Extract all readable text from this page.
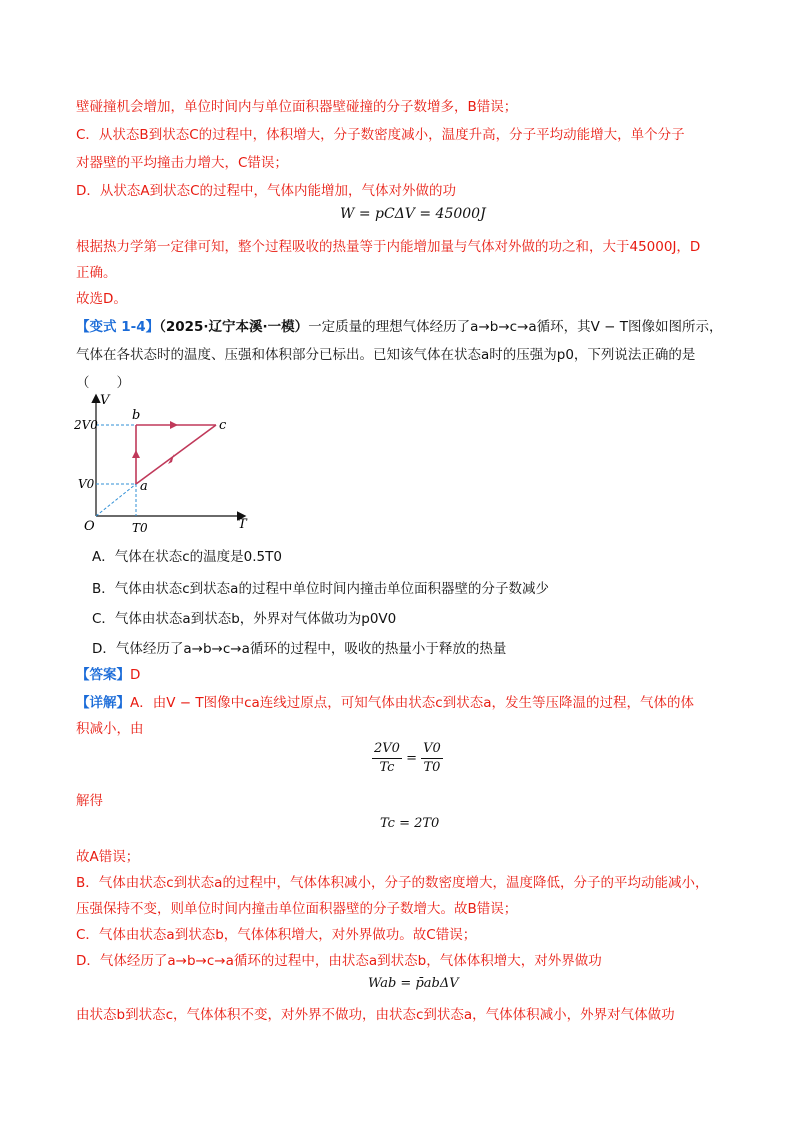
壁碰撞机会增加，单位时间内与单位面积器壁碰撞的分子数增多，B错误；
C．从状态B到状态C的过程中，体积增大，分子数密度减小，温度升高，分子平均动能增大，单个分子
对器壁的平均撞击力增大，C错误；
D．从状态A到状态C的过程中，气体内能增加，气体对外做的功
W = pCΔV = 45000J
根据热力学第一定律可知，整个过程吸收的热量等于内能增加量与气体对外做的功之和，大于45000J，D
正确。
故选D。
【变式 1-4】（2025·辽宁本溪·一模）一定质量的理想气体经历了a→b→c→a循环，其V − T图像如图所示，
气体在各状态时的温度、压强和体积部分已标出。已知该气体在状态a时的压强为p0，下列说法正确的是
（　　）
V
T
O
2V0
V0
T0
a
b
c
A．气体在状态c的温度是0.5T0
B．气体由状态c到状态a的过程中单位时间内撞击单位面积器壁的分子数减少
C．气体由状态a到状态b，外界对气体做功为p0V0
D．气体经历了a→b→c→a循环的过程中，吸收的热量小于释放的热量
【答案】D
【详解】A．由V − T图像中ca连线过原点，可知气体由状态c到状态a，发生等压降温的过程，气体的体
积减小，由
$\frac{2V0}{Tc} = \frac{V0}{T0}$
解得
Tc = 2T0
故A错误；
B．气体由状态c到状态a的过程中，气体体积减小，分子的数密度增大，温度降低，分子的平均动能减小，
压强保持不变，则单位时间内撞击单位面积器壁的分子数增大。故B错误；
C．气体由状态a到状态b，气体体积增大，对外界做功。故C错误；
D．气体经历了a→b→c→a循环的过程中，由状态a到状态b，气体体积增大，对外界做功
Wab = p̄abΔV
由状态b到状态c，气体体积不变，对外界不做功，由状态c到状态a，气体体积减小，外界对气体做功
